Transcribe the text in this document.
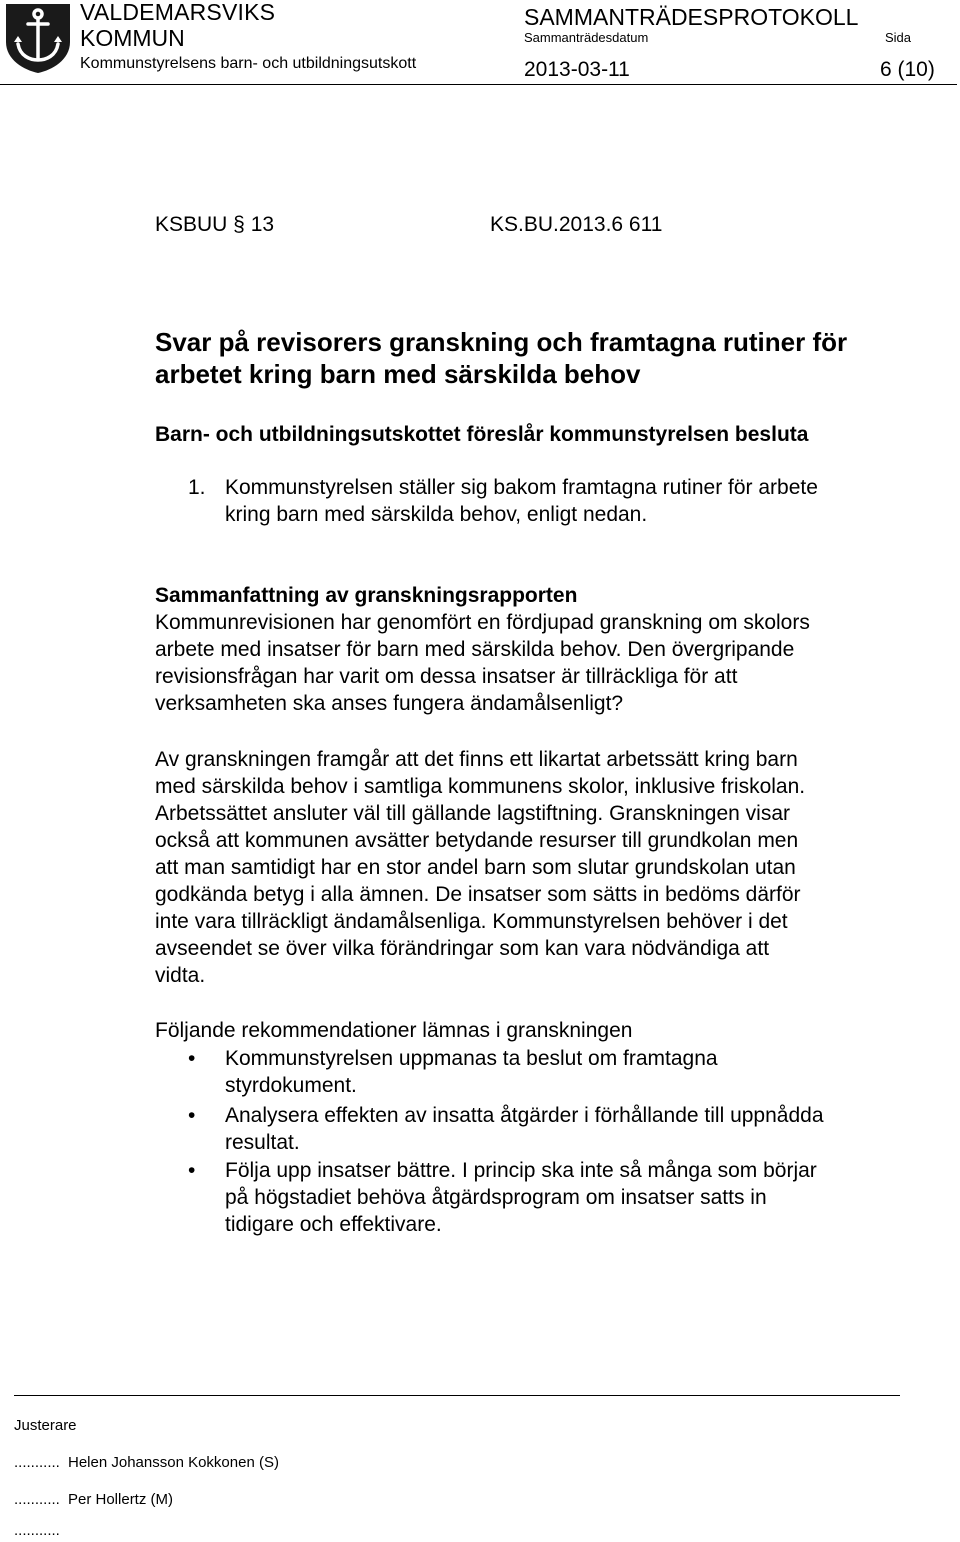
VALDEMARSVIKS
KOMMUN
Kommunstyrelsens barn- och utbildningsutskott
SAMMANTRÄDESPROTOKOLL
Sammanträdesdatum	Sida
2013-03-11	6 (10)
KSBUU § 13	KS.BU.2013.6 611
Svar på revisorers granskning och framtagna rutiner för
arbetet kring barn med särskilda behov
Barn- och utbildningsutskottet föreslår kommunstyrelsen besluta
1. Kommunstyrelsen ställer sig bakom framtagna rutiner för arbete
kring barn med särskilda behov, enligt nedan.
Sammanfattning av granskningsrapporten
Kommunrevisionen har genomfört en fördjupad granskning om skolors
arbete med insatser för barn med särskilda behov. Den övergripande
revisionsfrågan har varit om dessa insatser är tillräckliga för att
verksamheten ska anses fungera ändamålsenligt?
Av granskningen framgår att det finns ett likartat arbetssätt kring barn
med särskilda behov i samtliga kommunens skolor, inklusive friskolan.
Arbetssättet ansluter väl till gällande lagstiftning. Granskningen visar
också att kommunen avsätter betydande resurser till grundkolan men
att man samtidigt har en stor andel barn som slutar grundskolan utan
godkända betyg i alla ämnen. De insatser som sätts in bedöms därför
inte vara tillräckligt ändamålsenliga. Kommunstyrelsen behöver i det
avseendet se över vilka förändringar som kan vara nödvändiga att
vidta.
Följande rekommendationer lämnas i granskningen
• Kommunstyrelsen uppmanas ta beslut om framtagna
styrdokument.
• Analysera effekten av insatta åtgärder i förhållande till uppnådda
resultat.
• Följa upp insatser bättre. I princip ska inte så många som börjar
på högstadiet behöva åtgärdsprogram om insatser satts in
tidigare och effektivare.
Justerare
........... Helen Johansson Kokkonen (S)
........... Per Hollertz (M)
...........
